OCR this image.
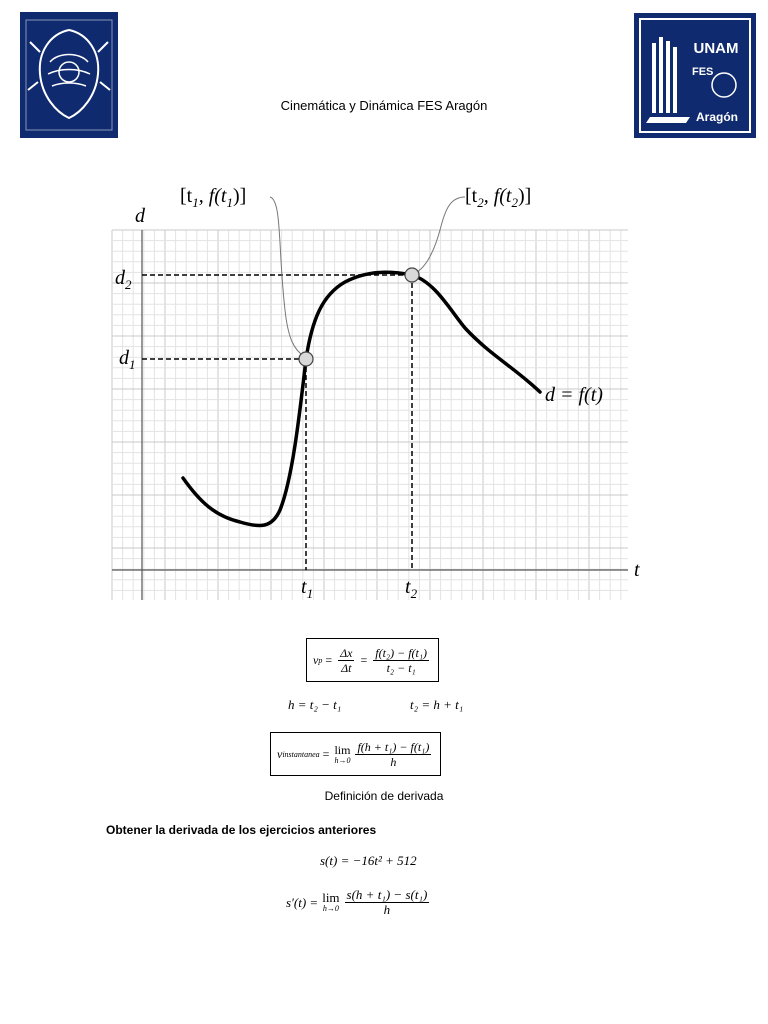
UNAM
FES
Aragón
Cinemática y Dinámica FES Aragón
d
t
$d_1$
$d_2$
$t_1$	$t_2$
[$t_1$, $f(t_1)$]	[$t_2$, $f(t_2)$]
d = f(t)
v $p = \frac{\Delta x}{\Delta t} = \frac{\text{f(t₂) − f(t₁)}}{\text{t₂ − t₁}}$
h = t₂ − t₁	t₂ = h + t₁
v instantanea = lim
$h\to 0 \frac{\text{f(h + t₁) − f(t₁)}}{h}$
Definición de derivada
Obtener la derivada de los ejercicios anteriores
s(t) = −16t² + 512
s′(t) = lim
$h\to 0 \frac{\text{s(h + t₁) − s(t₁)}}{h}$
